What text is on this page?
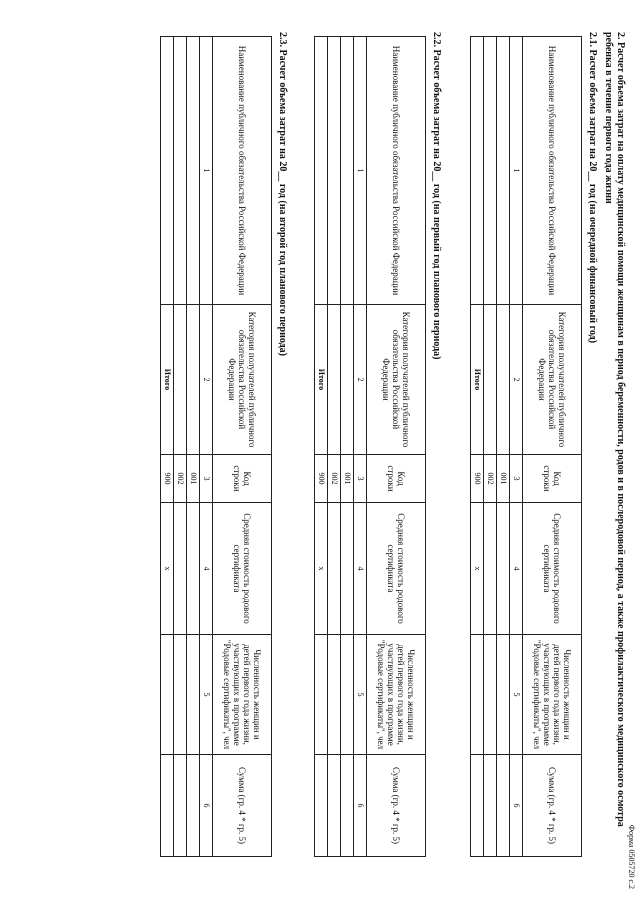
Форма 0505720 с.2
2. Расчет объема затрат на оплату медицинской помощи женщинам в период беременности, родов и в послеродовой период, а также профилактического медицинского осмотра ребенка в течение первого года жизни
2.1. Расчет объема затрат на 20__ год (на очередной финансовый год)
Наименование публичного обязательства Российской Федерации	Категория получателей публичного обязательства Российской Федерации	Код строки	Средняя стоимость родового сертификата	Численность женщин и детей первого года жизни, участвующих в программе "Родовые сертификаты", чел	Сумма (гр. 4 * гр. 5)
1	2	3	4	5	6
		001			
		002			
	Итого	900	x		
2.2. Расчет объема затрат на 20__ год (на первый год планового периода)
Наименование публичного обязательства Российской Федерации	Категория получателей публичного обязательства Российской Федерации	Код строки	Средняя стоимость родового сертификата	Численность женщин и детей первого года жизни, участвующих в программе "Родовые сертификаты", чел	Сумма (гр. 4 * гр. 5)
1	2	3	4	5	6
		001			
		002			
	Итого	900	x		
2.3. Расчет объема затрат на 20__ год (на второй год планового периода)
Наименование публичного обязательства Российской Федерации	Категория получателей публичного обязательства Российской Федерации	Код строки	Средняя стоимость родового сертификата	Численность женщин и детей первого года жизни, участвующих в программе "Родовые сертификаты", чел	Сумма (гр. 4 * гр. 5)
1	2	3	4	5	6
		001			
		002			
	Итого	900	x		
